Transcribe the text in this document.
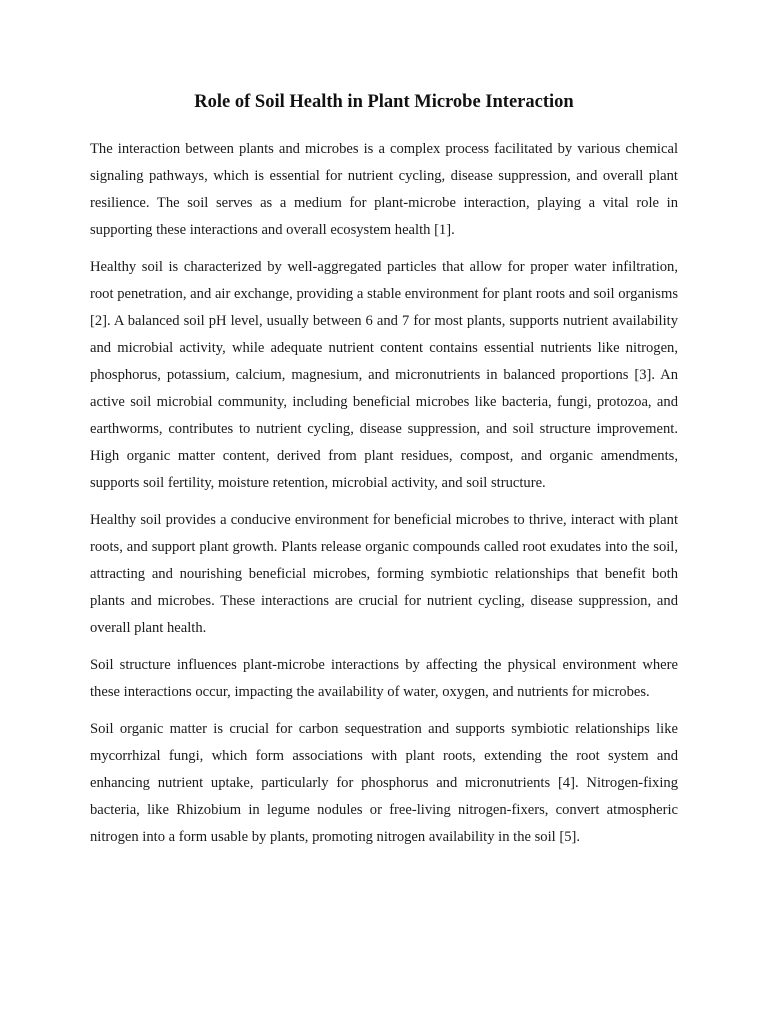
Role of Soil Health in Plant Microbe Interaction

The interaction between plants and microbes is a complex process facilitated by various chemical signaling pathways, which is essential for nutrient cycling, disease suppression, and overall plant resilience. The soil serves as a medium for plant-microbe interaction, playing a vital role in supporting these interactions and overall ecosystem health [1].

Healthy soil is characterized by well-aggregated particles that allow for proper water infiltration, root penetration, and air exchange, providing a stable environment for plant roots and soil organisms [2]. A balanced soil pH level, usually between 6 and 7 for most plants, supports nutrient availability and microbial activity, while adequate nutrient content contains essential nutrients like nitrogen, phosphorus, potassium, calcium, magnesium, and micronutrients in balanced proportions [3]. An active soil microbial community, including beneficial microbes like bacteria, fungi, protozoa, and earthworms, contributes to nutrient cycling, disease suppression, and soil structure improvement. High organic matter content, derived from plant residues, compost, and organic amendments, supports soil fertility, moisture retention, microbial activity, and soil structure.

Healthy soil provides a conducive environment for beneficial microbes to thrive, interact with plant roots, and support plant growth. Plants release organic compounds called root exudates into the soil, attracting and nourishing beneficial microbes, forming symbiotic relationships that benefit both plants and microbes. These interactions are crucial for nutrient cycling, disease suppression, and overall plant health.

Soil structure influences plant-microbe interactions by affecting the physical environment where these interactions occur, impacting the availability of water, oxygen, and nutrients for microbes.

Soil organic matter is crucial for carbon sequestration and supports symbiotic relationships like mycorrhizal fungi, which form associations with plant roots, extending the root system and enhancing nutrient uptake, particularly for phosphorus and micronutrients [4]. Nitrogen-fixing bacteria, like Rhizobium in legume nodules or free-living nitrogen-fixers, convert atmospheric nitrogen into a form usable by plants, promoting nitrogen availability in the soil [5].
